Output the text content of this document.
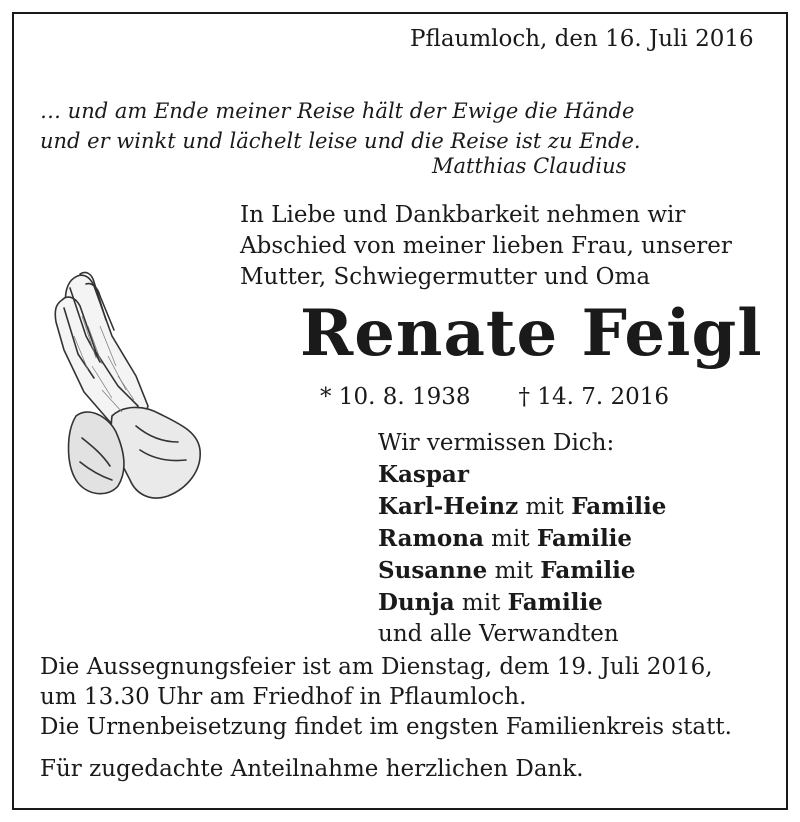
Pflaumloch, den 16. Juli 2016
… und am Ende meiner Reise hält der Ewige die Hände
und er winkt und lächelt leise und die Reise ist zu Ende.
Matthias Claudius
In Liebe und Dankbarkeit nehmen wir
Abschied von meiner lieben Frau, unserer
Mutter, Schwiegermutter und Oma
Renate Feigl
* 10. 8. 1938 † 14. 7. 2016
Wir vermissen Dich:
Kaspar
Karl-Heinz mit Familie
Ramona mit Familie
Susanne mit Familie
Dunja mit Familie
und alle Verwandten
Die Aussegnungsfeier ist am Dienstag, dem 19. Juli 2016,
um 13.30 Uhr am Friedhof in Pflaumloch.
Die Urnenbeisetzung findet im engsten Familienkreis statt.
Für zugedachte Anteilnahme herzlichen Dank.
